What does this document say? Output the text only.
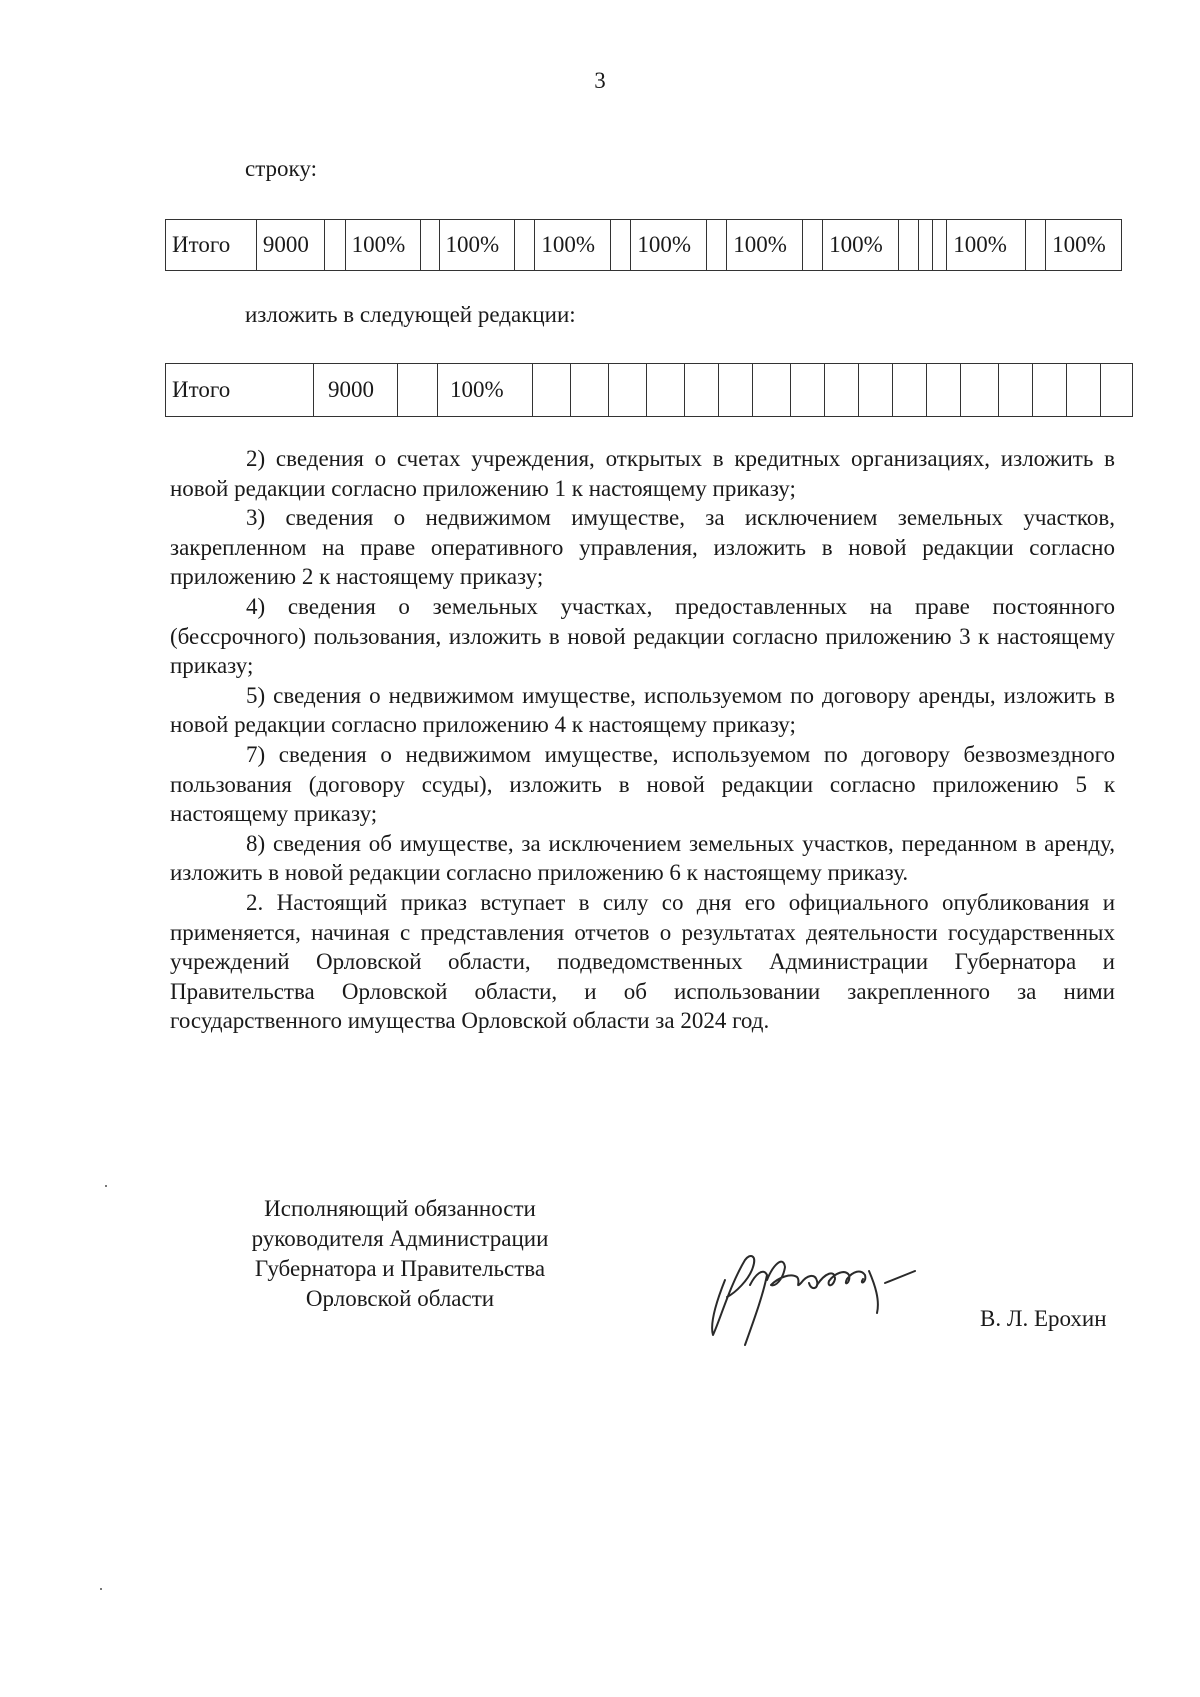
3
строку:
Итого	9000		100%		100%		100%		100%		100%		100%				100%		100%
изложить в следующей редакции:
Итого	9000		100%																	

2) сведения о счетах учреждения, открытых в кредитных организациях, изложить в новой редакции согласно приложению 1 к настоящему приказу;

3) сведения о недвижимом имуществе, за исключением земельных участков, закрепленном на праве оперативного управления, изложить в новой редакции согласно приложению 2 к настоящему приказу;

4) сведения о земельных участках, предоставленных на праве постоянного (бессрочного) пользования, изложить в новой редакции согласно приложению 3 к настоящему приказу;

5) сведения о недвижимом имуществе, используемом по договору аренды, изложить в новой редакции согласно приложению 4 к настоящему приказу;

7) сведения о недвижимом имуществе, используемом по договору безвозмездного пользования (договору ссуды), изложить в новой редакции согласно приложению 5 к настоящему приказу;

8) сведения об имуществе, за исключением земельных участков, переданном в аренду, изложить в новой редакции согласно приложению 6 к настоящему приказу.

2. Настоящий приказ вступает в силу со дня его официального опубликования и применяется, начиная с представления отчетов о результатах деятельности государственных учреждений Орловской области, подведомственных Администрации Губернатора и Правительства Орловской области, и об использовании закрепленного за ними государственного имущества Орловской области за 2024 год.

Исполняющий обязанности
руководителя Администрации
Губернатора и Правительства
Орловской области
В. Л. Ерохин
